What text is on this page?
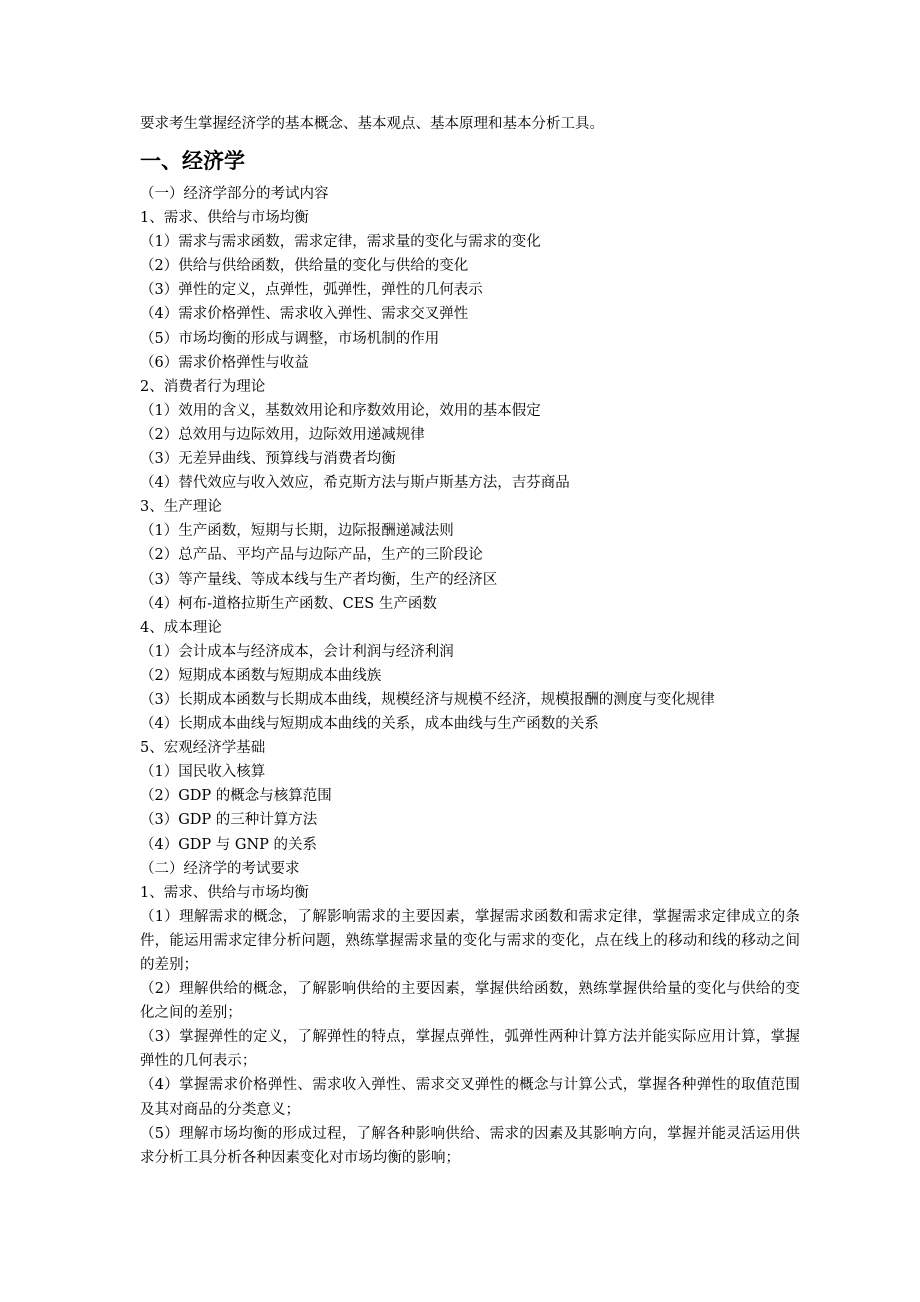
要求考生掌握经济学的基本概念、基本观点、基本原理和基本分析工具。
一、经济学
（一）经济学部分的考试内容
1、需求、供给与市场均衡
（1）需求与需求函数，需求定律，需求量的变化与需求的变化
（2）供给与供给函数，供给量的变化与供给的变化
（3）弹性的定义，点弹性，弧弹性，弹性的几何表示
（4）需求价格弹性、需求收入弹性、需求交叉弹性
（5）市场均衡的形成与调整，市场机制的作用
（6）需求价格弹性与收益
2、消费者行为理论
（1）效用的含义，基数效用论和序数效用论，效用的基本假定
（2）总效用与边际效用，边际效用递减规律
（3）无差异曲线、预算线与消费者均衡
（4）替代效应与收入效应，希克斯方法与斯卢斯基方法，吉芬商品
3、生产理论
（1）生产函数，短期与长期，边际报酬递减法则
（2）总产品、平均产品与边际产品，生产的三阶段论
（3）等产量线、等成本线与生产者均衡，生产的经济区
（4）柯布-道格拉斯生产函数、CES 生产函数
4、成本理论
（1）会计成本与经济成本，会计利润与经济利润
（2）短期成本函数与短期成本曲线族
（3）长期成本函数与长期成本曲线，规模经济与规模不经济，规模报酬的测度与变化规律
（4）长期成本曲线与短期成本曲线的关系，成本曲线与生产函数的关系
5、宏观经济学基础
（1）国民收入核算
（2）GDP 的概念与核算范围
（3）GDP 的三种计算方法
（4）GDP 与 GNP 的关系
（二）经济学的考试要求
1、需求、供给与市场均衡
（1）理解需求的概念，了解影响需求的主要因素，掌握需求函数和需求定律，掌握需求定律成立的条件，能运用需求定律分析问题，熟练掌握需求量的变化与需求的变化，点在线上的移动和线的移动之间的差别；
（2）理解供给的概念，了解影响供给的主要因素，掌握供给函数，熟练掌握供给量的变化与供给的变化之间的差别；
（3）掌握弹性的定义，了解弹性的特点，掌握点弹性，弧弹性两种计算方法并能实际应用计算，掌握弹性的几何表示；
（4）掌握需求价格弹性、需求收入弹性、需求交叉弹性的概念与计算公式，掌握各种弹性的取值范围及其对商品的分类意义；
（5）理解市场均衡的形成过程，了解各种影响供给、需求的因素及其影响方向，掌握并能灵活运用供求分析工具分析各种因素变化对市场均衡的影响；
